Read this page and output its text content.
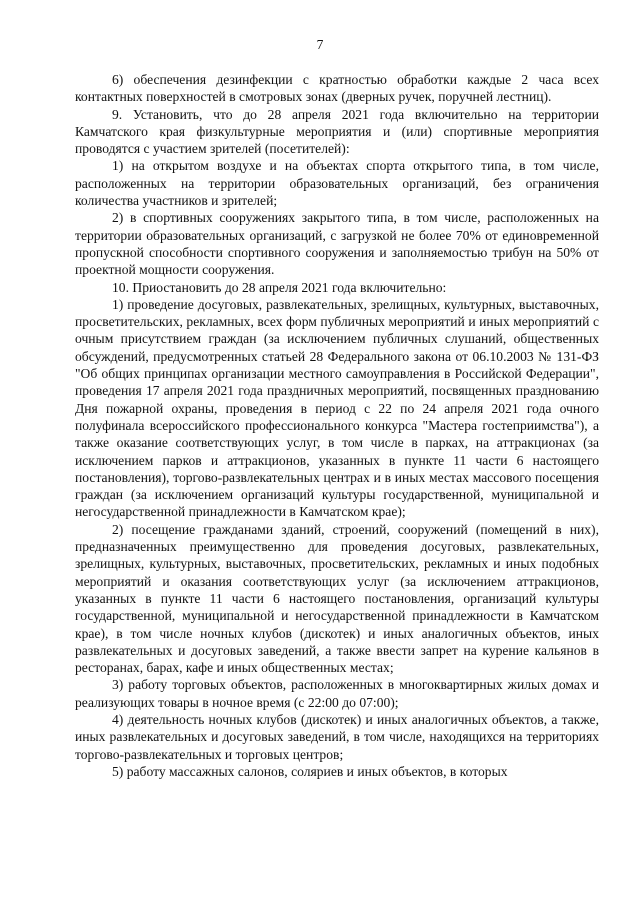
7

6) обеспечения дезинфекции с кратностью обработки каждые 2 часа всех контактных поверхностей в смотровых зонах (дверных ручек, поручней лестниц).

9. Установить, что до 28 апреля 2021 года включительно на территории Камчатского края физкультурные мероприятия и (или) спортивные мероприятия проводятся с участием зрителей (посетителей):

1) на открытом воздухе и на объектах спорта открытого типа, в том числе, расположенных на территории образовательных организаций, без ограничения количества участников и зрителей;

2) в спортивных сооружениях закрытого типа, в том числе, расположенных на территории образовательных организаций, с загрузкой не более 70% от единовременной пропускной способности спортивного сооружения и заполняемостью трибун на 50% от проектной мощности сооружения.

10. Приостановить до 28 апреля 2021 года включительно:

1) проведение досуговых, развлекательных, зрелищных, культурных, выставочных, просветительских, рекламных, всех форм публичных мероприятий и иных мероприятий с очным присутствием граждан (за исключением публичных слушаний, общественных обсуждений, предусмотренных статьей 28 Федерального закона от 06.10.2003 № 131-ФЗ "Об общих принципах организации местного самоуправления в Российской Федерации", проведения 17 апреля 2021 года праздничных мероприятий, посвященных празднованию Дня пожарной охраны, проведения в период с 22 по 24 апреля 2021 года очного полуфинала всероссийского профессионального конкурса "Мастера гостеприимства"), а также оказание соответствующих услуг, в том числе в парках, на аттракционах (за исключением парков и аттракционов, указанных в пункте 11 части 6 настоящего постановления), торгово-развлекательных центрах и в иных местах массового посещения граждан (за исключением организаций культуры государственной, муниципальной и негосударственной принадлежности в Камчатском крае);

2) посещение гражданами зданий, строений, сооружений (помещений в них), предназначенных преимущественно для проведения досуговых, развлекательных, зрелищных, культурных, выставочных, просветительских, рекламных и иных подобных мероприятий и оказания соответствующих услуг (за исключением аттракционов, указанных в пункте 11 части 6 настоящего постановления, организаций культуры государственной, муниципальной и негосударственной принадлежности в Камчатском крае), в том числе ночных клубов (дискотек) и иных аналогичных объектов, иных развлекательных и досуговых заведений, а также ввести запрет на курение кальянов в ресторанах, барах, кафе и иных общественных местах;

3) работу торговых объектов, расположенных в многоквартирных жилых домах и реализующих товары в ночное время (с 22:00 до 07:00);

4) деятельность ночных клубов (дискотек) и иных аналогичных объектов, а также, иных развлекательных и досуговых заведений, в том числе, находящихся на территориях торгово-развлекательных и торговых центров;

5) работу массажных салонов, соляриев и иных объектов, в которых
